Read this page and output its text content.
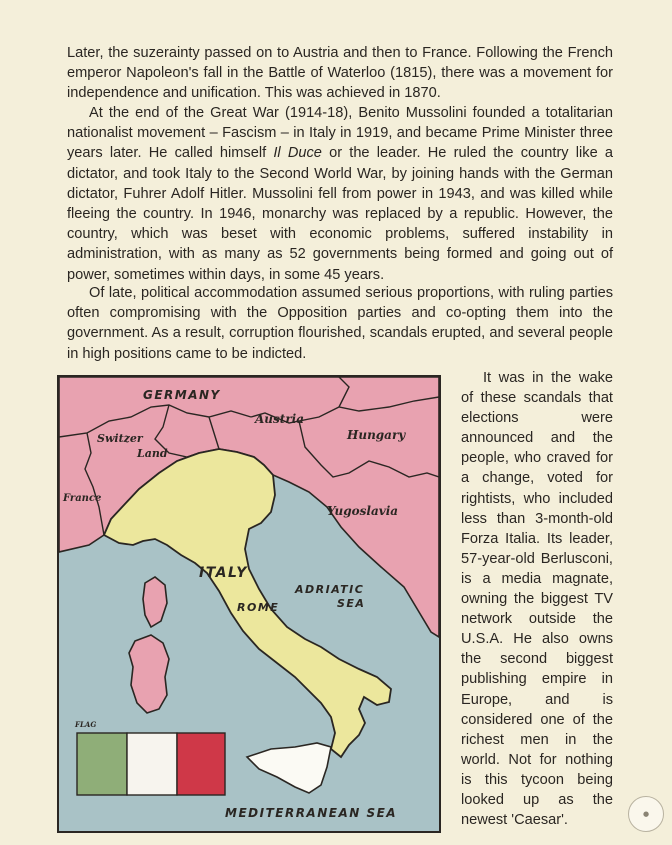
Later, the suzerainty passed on to Austria and then to France. Following the French emperor Napoleon's fall in the Battle of Waterloo (1815), there was a movement for independence and unification. This was achieved in 1870.

At the end of the Great War (1914-18), Benito Mussolini founded a totalitarian nationalist movement – Fascism – in Italy in 1919, and became Prime Minister three years later. He called himself Il Duce or the leader. He ruled the country like a dictator, and took Italy to the Second World War, by joining hands with the German dictator, Fuhrer Adolf Hitler. Mussolini fell from power in 1943, and was killed while fleeing the country. In 1946, monarchy was replaced by a republic. However, the country, which was beset with economic problems, suffered instability in administration, with as many as 52 governments being formed and going out of power, sometimes within days, in some 45 years.

Of late, political accommodation assumed serious proportions, with ruling parties often compromising with the Opposition parties and co-opting them into the government. As a result, corruption flourished, scandals erupted, and several people in high positions came to be indicted.

GERMANY
Austria
Switzer
Land
Hungary
France
Yugoslavia
ITALY
ROME
ADRIATIC
SEA
MEDITERRANEAN SEA
FLAG

It was in the wake of these scandals that elections were announced and the people, who craved for a change, voted for rightists, who included less than 3-month-old Forza Italia. Its leader, 57-year-old Berlusconi, is a media magnate, owning the biggest TV network outside the U.S.A. He also owns the second biggest publishing empire in Europe, and is considered one of the richest men in the world. Not for nothing is this tycoon being looked up as the newest 'Caesar'.	●
